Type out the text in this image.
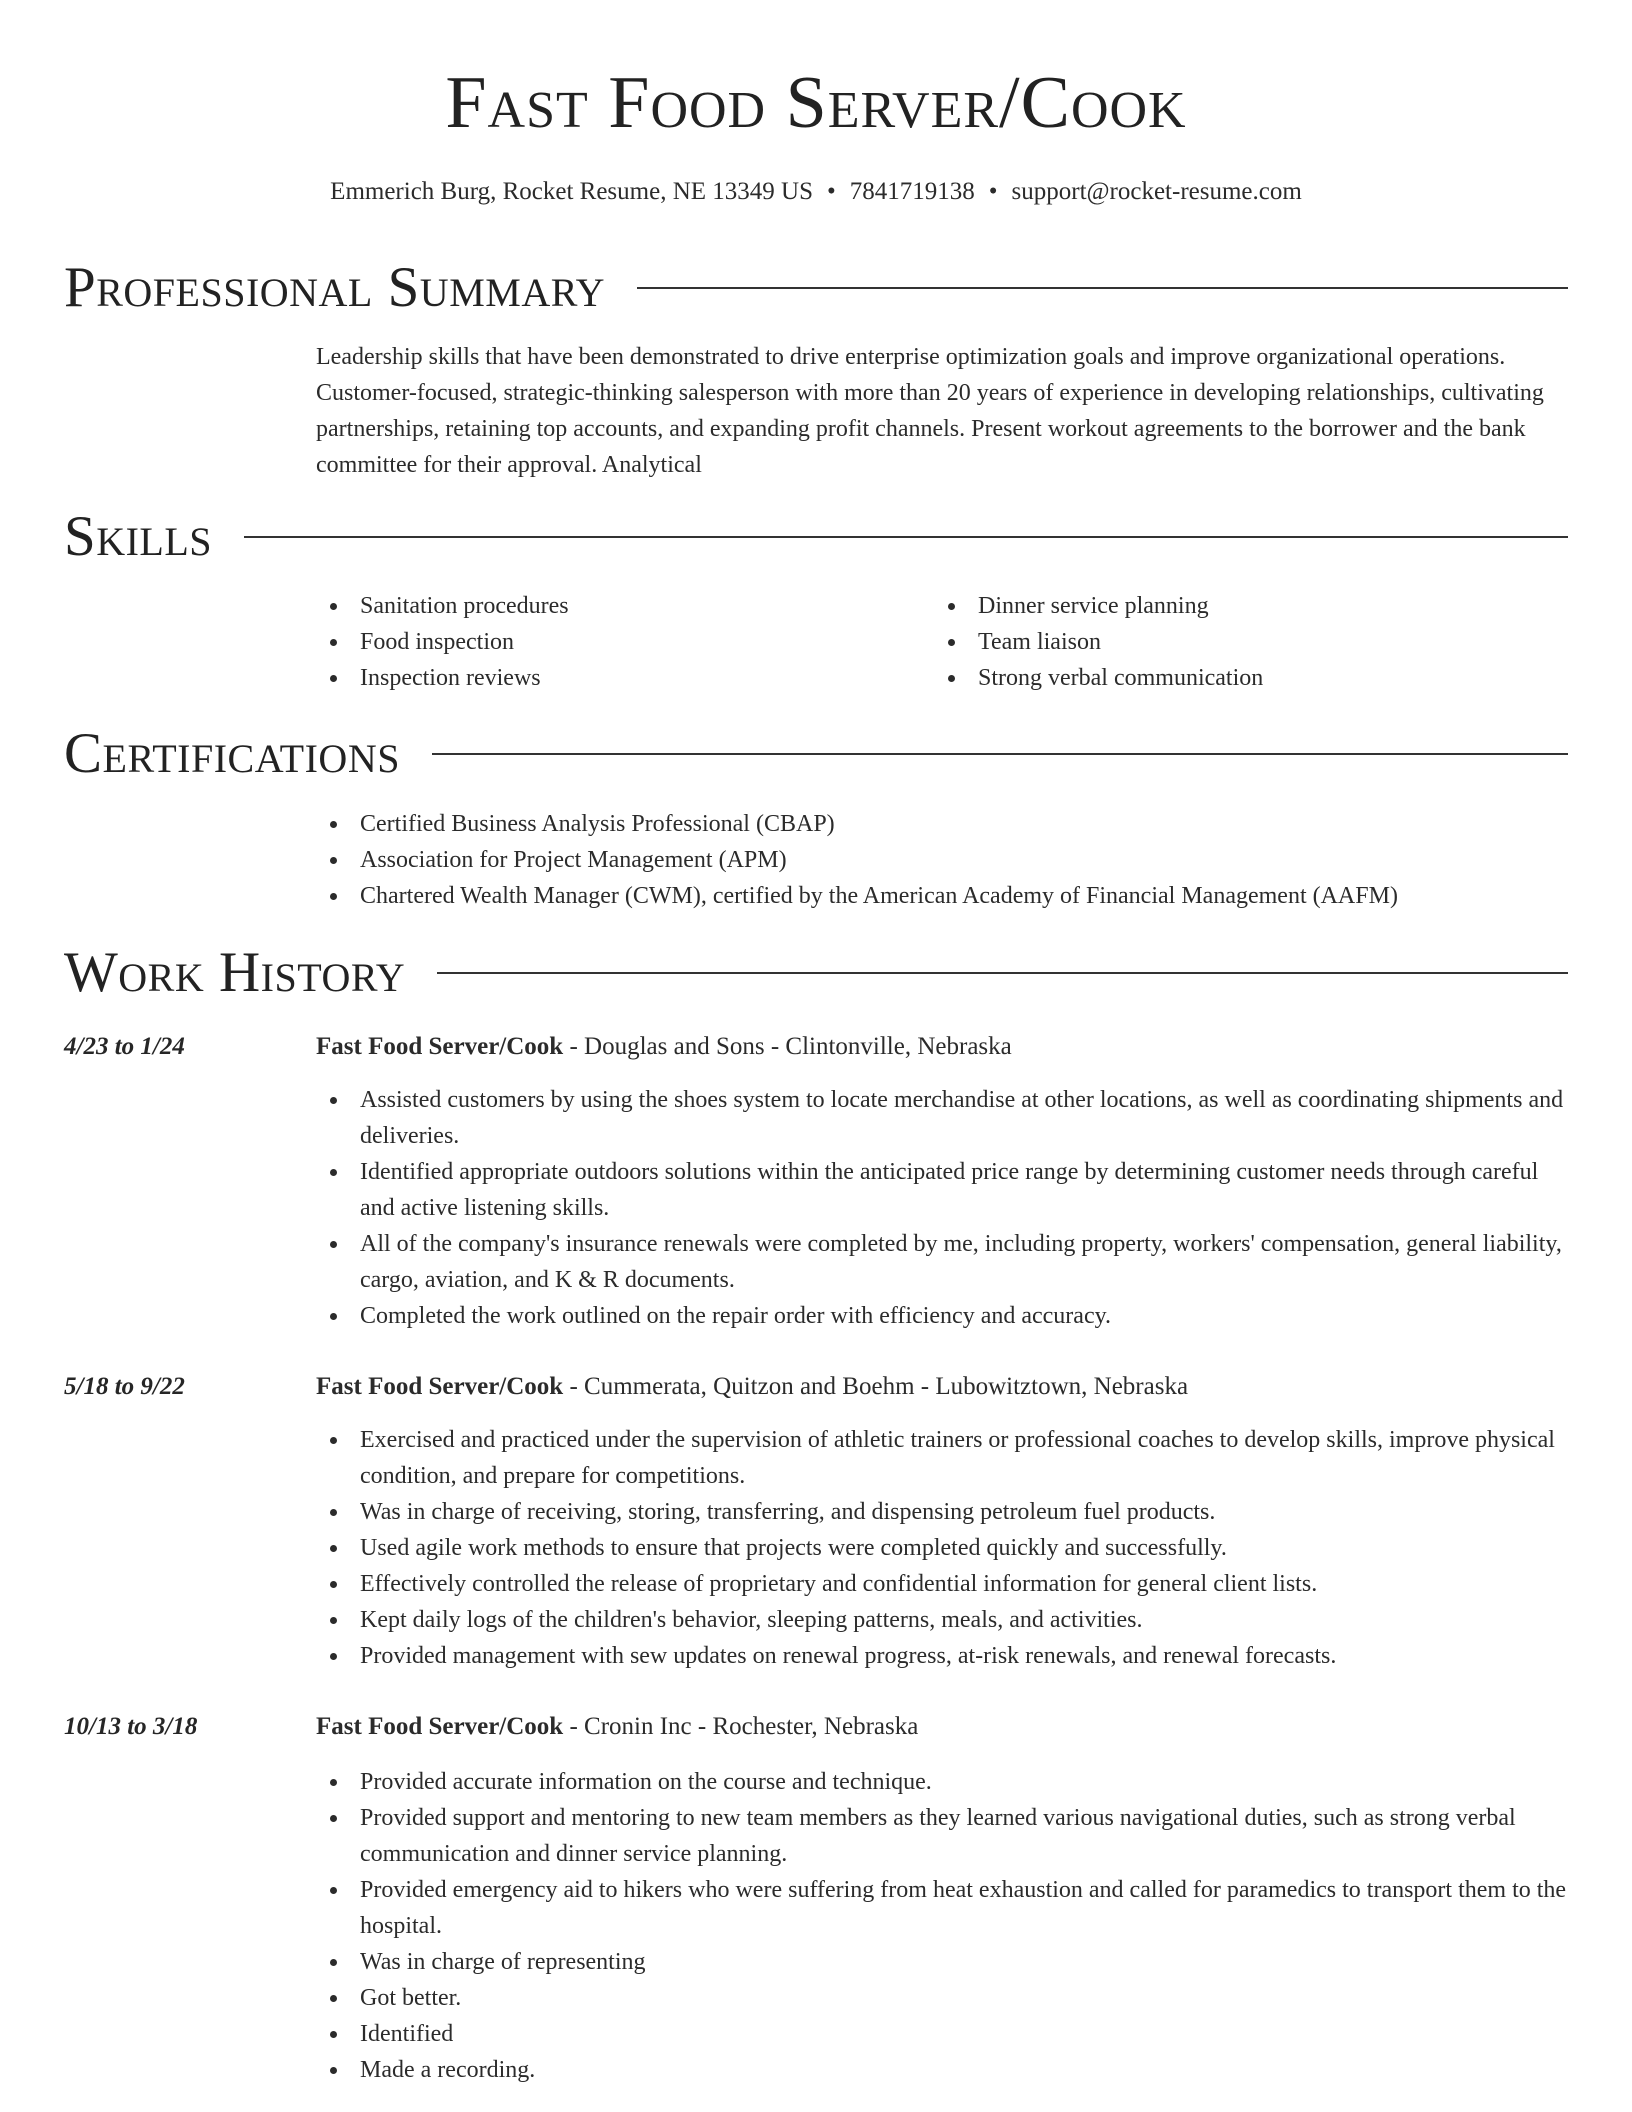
Fast Food Server/Cook
Emmerich Burg, Rocket Resume, NE 13349 US • 7841719138 • support@rocket-resume.com
Professional Summary
Leadership skills that have been demonstrated to drive enterprise optimization goals and improve organizational operations. Customer-focused, strategic-thinking salesperson with more than 20 years of experience in developing relationships, cultivating partnerships, retaining top accounts, and expanding profit channels. Present workout agreements to the borrower and the bank committee for their approval. Analytical
Skills
Sanitation procedures
Food inspection
Inspection reviews
Dinner service planning
Team liaison
Strong verbal communication
Certifications
Certified Business Analysis Professional (CBAP)
Association for Project Management (APM)
Chartered Wealth Manager (CWM), certified by the American Academy of Financial Management (AAFM)
Work History
4/23 to 1/24	Fast Food Server/Cook - Douglas and Sons - Clintonville, Nebraska
Assisted customers by using the shoes system to locate merchandise at other locations, as well as coordinating shipments and deliveries.
Identified appropriate outdoors solutions within the anticipated price range by determining customer needs through careful and active listening skills.
All of the company's insurance renewals were completed by me, including property, workers' compensation, general liability, cargo, aviation, and K & R documents.
Completed the work outlined on the repair order with efficiency and accuracy.
5/18 to 9/22	Fast Food Server/Cook - Cummerata, Quitzon and Boehm - Lubowitztown, Nebraska
Exercised and practiced under the supervision of athletic trainers or professional coaches to develop skills, improve physical condition, and prepare for competitions.
Was in charge of receiving, storing, transferring, and dispensing petroleum fuel products.
Used agile work methods to ensure that projects were completed quickly and successfully.
Effectively controlled the release of proprietary and confidential information for general client lists.
Kept daily logs of the children's behavior, sleeping patterns, meals, and activities.
Provided management with sew updates on renewal progress, at-risk renewals, and renewal forecasts.
10/13 to 3/18	Fast Food Server/Cook - Cronin Inc - Rochester, Nebraska
Provided accurate information on the course and technique.
Provided support and mentoring to new team members as they learned various navigational duties, such as strong verbal communication and dinner service planning.
Provided emergency aid to hikers who were suffering from heat exhaustion and called for paramedics to transport them to the hospital.
Was in charge of representing
Got better.
Identified
Made a recording.
